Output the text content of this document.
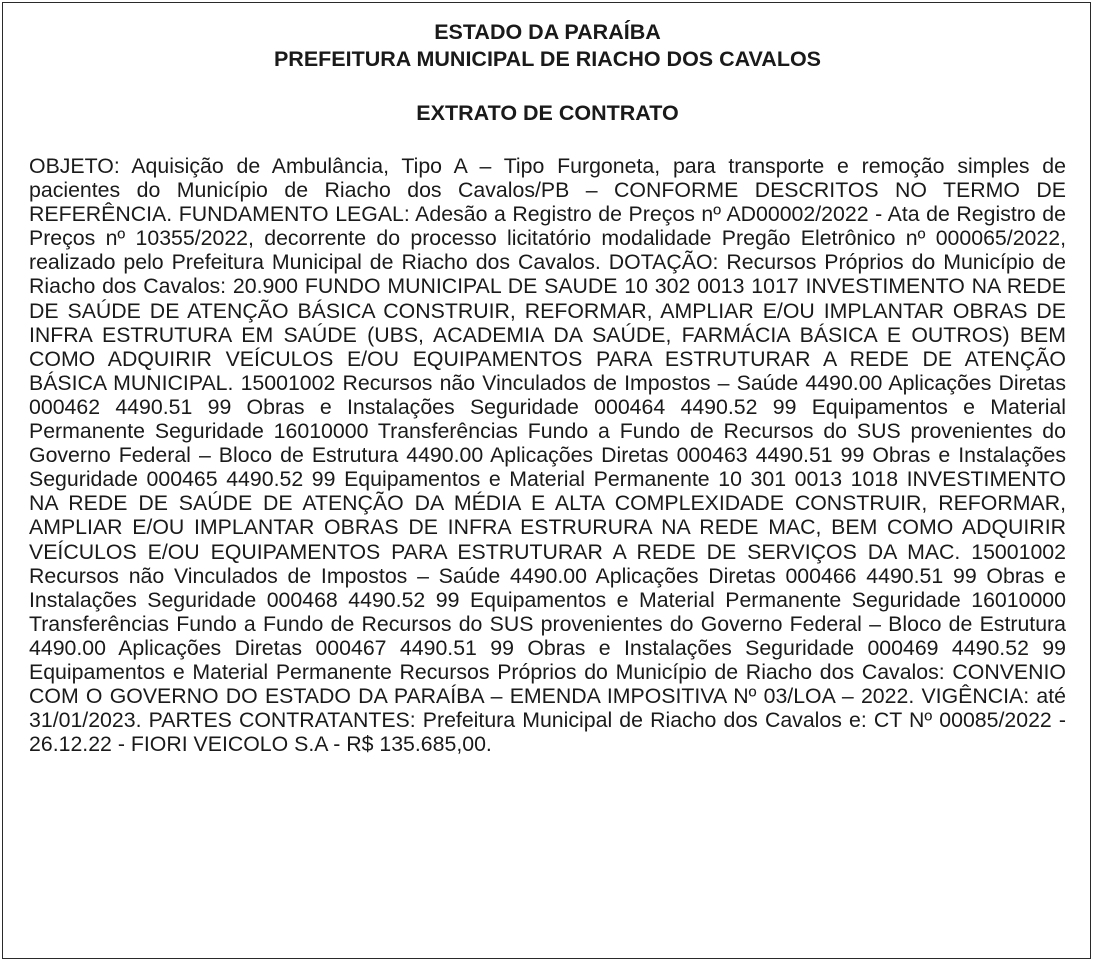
ESTADO DA PARAÍBA

PREFEITURA MUNICIPAL DE RIACHO DOS CAVALOS

EXTRATO DE CONTRATO

OBJETO: Aquisição de Ambulância, Tipo A – Tipo Furgoneta, para transporte e remoção simples de pacientes do Município de Riacho dos Cavalos/PB – CONFORME DESCRITOS NO TERMO DE REFERÊNCIA. FUNDAMENTO LEGAL: Adesão a Registro de Preços nº AD00002/2022 - Ata de Registro de Preços nº 10355/2022, decorrente do processo licitatório modalidade Pregão Eletrônico nº 000065/2022, realizado pelo Prefeitura Municipal de Riacho dos Cavalos. DOTAÇÃO: Recursos Próprios do Município de Riacho dos Cavalos: 20.900 FUNDO MUNICIPAL DE SAUDE 10 302 0013 1017 INVESTIMENTO NA REDE DE SAÚDE DE ATENÇÃO BÁSICA CONSTRUIR, REFORMAR, AMPLIAR E/OU IMPLANTAR OBRAS DE INFRA ESTRUTURA EM SAÚDE (UBS, ACADEMIA DA SAÚDE, FARMÁCIA BÁSICA E OUTROS) BEM COMO ADQUIRIR VEÍCULOS E/OU EQUIPAMENTOS PARA ESTRUTURAR A REDE DE ATENÇÃO BÁSICA MUNICIPAL. 15001002 Recursos não Vinculados de Impostos – Saúde 4490.00 Aplicações Diretas 000462 4490.51 99 Obras e Instalações Seguridade 000464 4490.52 99 Equipamentos e Material Permanente Seguridade 16010000 Transferências Fundo a Fundo de Recursos do SUS provenientes do Governo Federal – Bloco de Estrutura 4490.00 Aplicações Diretas 000463 4490.51 99 Obras e Instalações Seguridade 000465 4490.52 99 Equipamentos e Material Permanente 10 301 0013 1018 INVESTIMENTO NA REDE DE SAÚDE DE ATENÇÃO DA MÉDIA E ALTA COMPLEXIDADE CONSTRUIR, REFORMAR, AMPLIAR E/OU IMPLANTAR OBRAS DE INFRA ESTRURURA NA REDE MAC, BEM COMO ADQUIRIR VEÍCULOS E/OU EQUIPAMENTOS PARA ESTRUTURAR A REDE DE SERVIÇOS DA MAC. 15001002 Recursos não Vinculados de Impostos – Saúde 4490.00 Aplicações Diretas 000466 4490.51 99 Obras e Instalações Seguridade 000468 4490.52 99 Equipamentos e Material Permanente Seguridade 16010000 Transferências Fundo a Fundo de Recursos do SUS provenientes do Governo Federal – Bloco de Estrutura 4490.00 Aplicações Diretas 000467 4490.51 99 Obras e Instalações Seguridade 000469 4490.52 99 Equipamentos e Material Permanente Recursos Próprios do Município de Riacho dos Cavalos: CONVENIO COM O GOVERNO DO ESTADO DA PARAÍBA – EMENDA IMPOSITIVA Nº 03/LOA – 2022. VIGÊNCIA: até 31/01/2023. PARTES CONTRATANTES: Prefeitura Municipal de Riacho dos Cavalos e: CT Nº 00085/2022 - 26.12.22 - FIORI VEICOLO S.A - R$ 135.685,00.
